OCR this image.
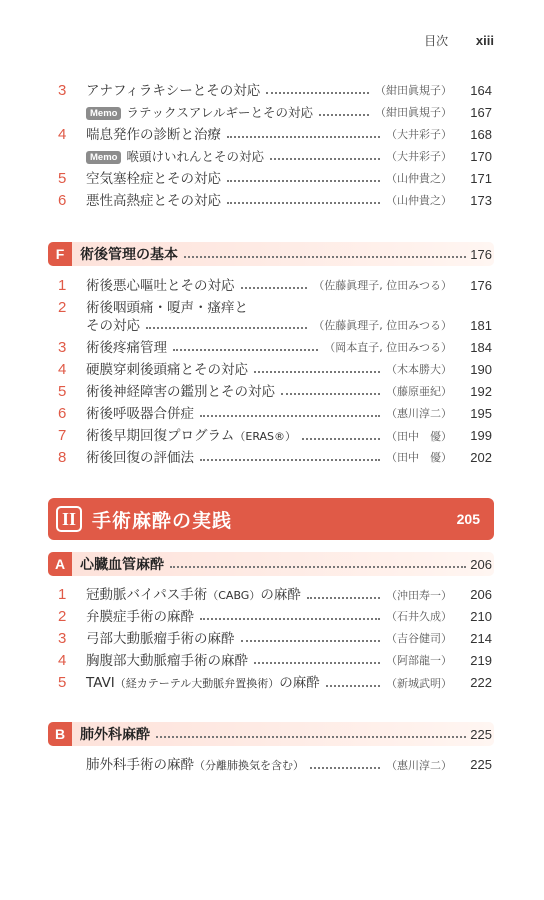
目次 xiii
3 アナフィラキシーとその対応	（紺田眞規子） 164
Memo ラテックスアレルギーとその対応	（紺田眞規子） 167
4 喘息発作の診断と治療	（大井彩子） 168
Memo 喉頭けいれんとその対応	（大井彩子） 170
5 空気塞栓症とその対応	（山仲貴之） 171
6 悪性高熱症とその対応	（山仲貴之） 173
F	術後管理の基本	176
1 術後悪心嘔吐とその対応	（佐藤眞理子, 位田みつる） 176
2 術後咽頭痛・嗄声・瘙痒と
その対応	（佐藤眞理子, 位田みつる） 181
3 術後疼痛管理	（岡本直子, 位田みつる） 184
4 硬膜穿刺後頭痛とその対応	（木本勝大） 190
5 術後神経障害の鑑別とその対応	（藤原亜紀） 192
6 術後呼吸器合併症	（惠川淳二） 195
7 術後早期回復プログラム（ERAS®）	（田中　優） 199
8 術後回復の評価法	（田中　優） 202
II 手術麻酔の実践	205
A	心臓血管麻酔	206
1 冠動脈バイパス手術（CABG）の麻酔	（沖田寿一） 206
2 弁膜症手術の麻酔	（石井久成） 210
3 弓部大動脈瘤手術の麻酔	（吉谷健司） 214
4 胸腹部大動脈瘤手術の麻酔	（阿部龍一） 219
5 TAVI（経カテーテル大動脈弁置換術）の麻酔	（新城武明） 222
B	肺外科麻酔	225
肺外科手術の麻酔（分離肺換気を含む）	（惠川淳二） 225
